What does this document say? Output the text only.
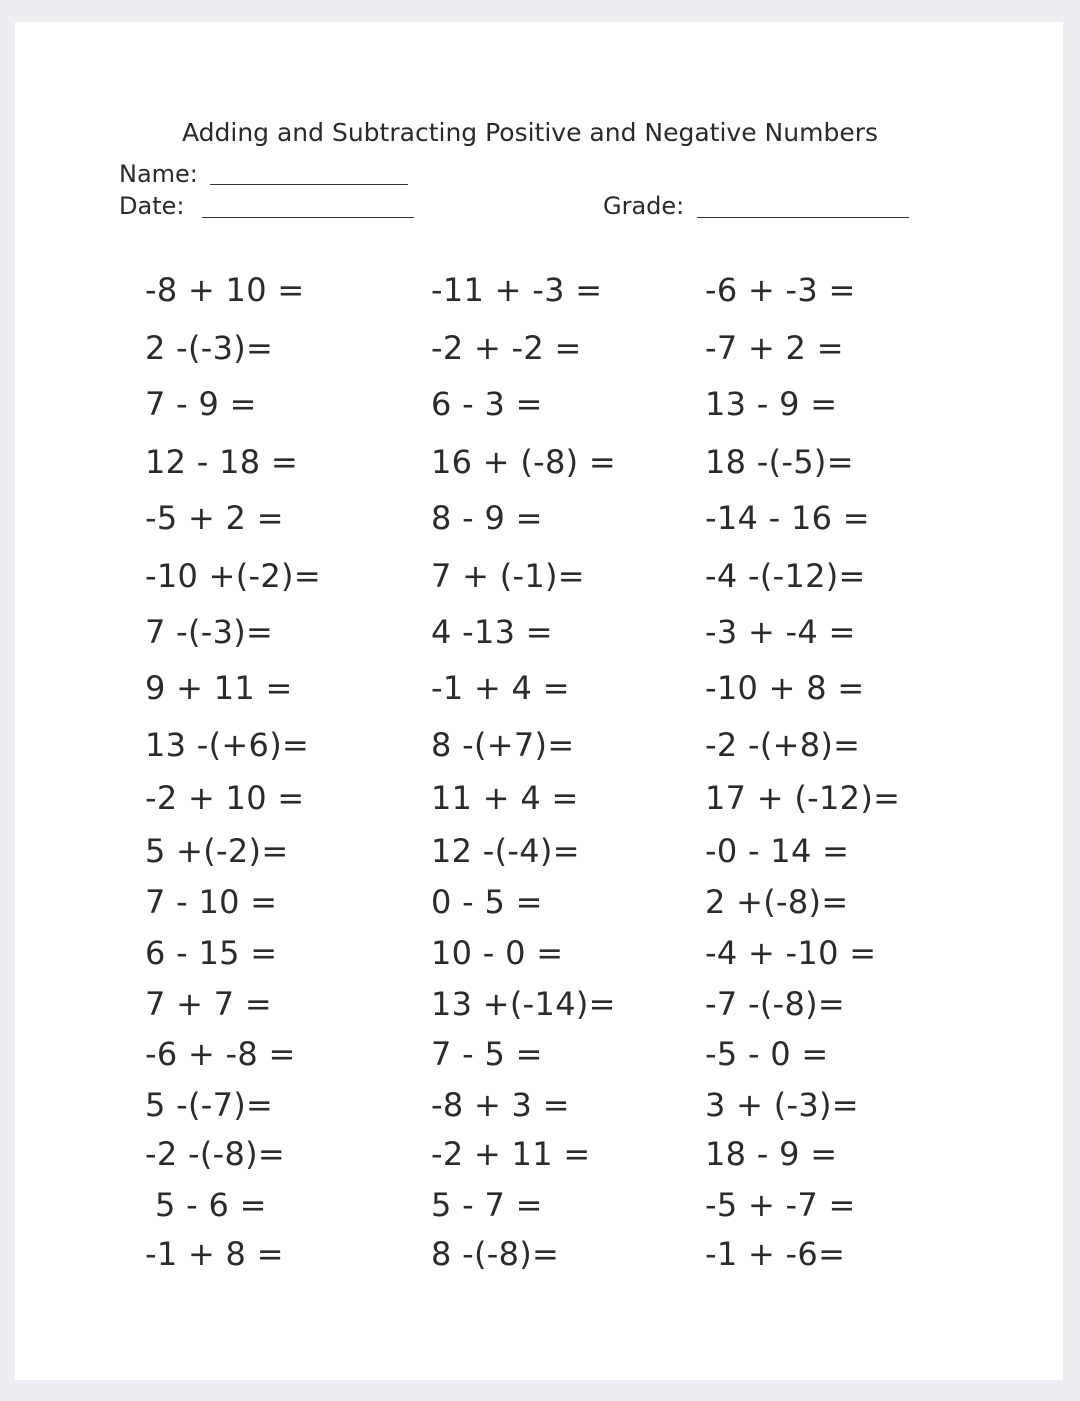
Adding and Subtracting Positive and Negative Numbers
Name:
Date:	Grade:
-8 + 10 =
2 -(-3)=
7 - 9 =
12 - 18 =
-5 + 2 =
-10 +(-2)=
7 -(-3)=
9 + 11 =
13 -(+6)=
-2 + 10 =
5 +(-2)=
7 - 10 =
6 - 15 =
7 + 7 =
-6 + -8 =
5 -(-7)=
-2 -(-8)=
5 - 6 =
-1 + 8 =
-11 + -3 =
-2 + -2 =
6 - 3 =
16 + (-8) =
8 - 9 =
7 + (-1)=
4 -13 =
-1 + 4 =
8 -(+7)=
11 + 4 =
12 -(-4)=
0 - 5 =
10 - 0 =
13 +(-14)=
7 - 5 =
-8 + 3 =
-2 + 11 =
5 - 7 =
8 -(-8)=
-6 + -3 =
-7 + 2 =
13 - 9 =
18 -(-5)=
-14 - 16 =
-4 -(-12)=
-3 + -4 =
-10 + 8 =
-2 -(+8)=
17 + (-12)=
-0 - 14 =
2 +(-8)=
-4 + -10 =
-7 -(-8)=
-5 - 0 =
3 + (-3)=
18 - 9 =
-5 + -7 =
-1 + -6=
